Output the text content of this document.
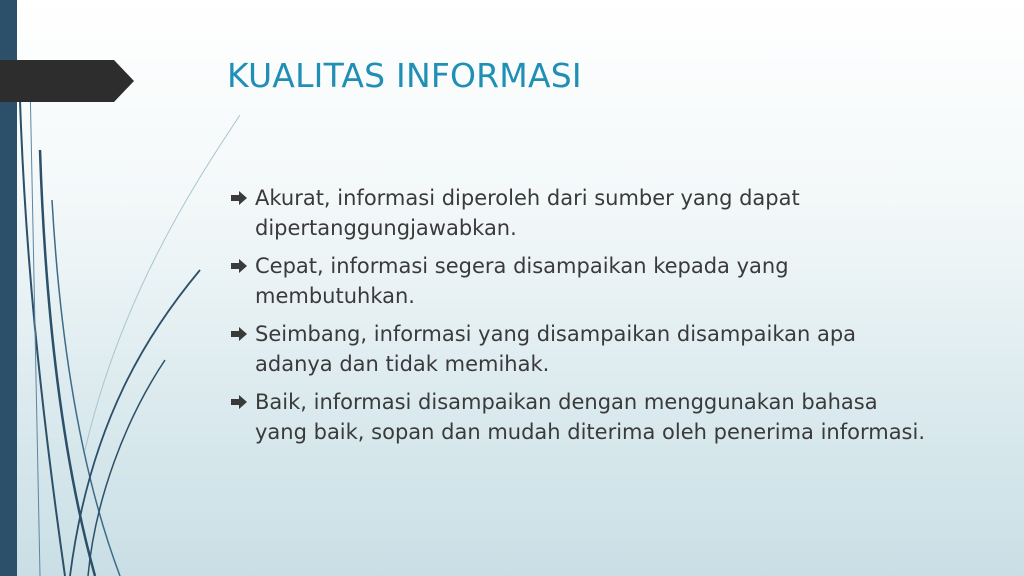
KUALITAS INFORMASI
Akurat, informasi diperoleh dari sumber yang dapat dipertanggungjawabkan.
Cepat, informasi segera disampaikan kepada yang membutuhkan.
Seimbang, informasi yang disampaikan disampaikan apa adanya dan tidak memihak.
Baik, informasi disampaikan dengan menggunakan bahasa yang baik, sopan dan mudah diterima oleh penerima informasi.
